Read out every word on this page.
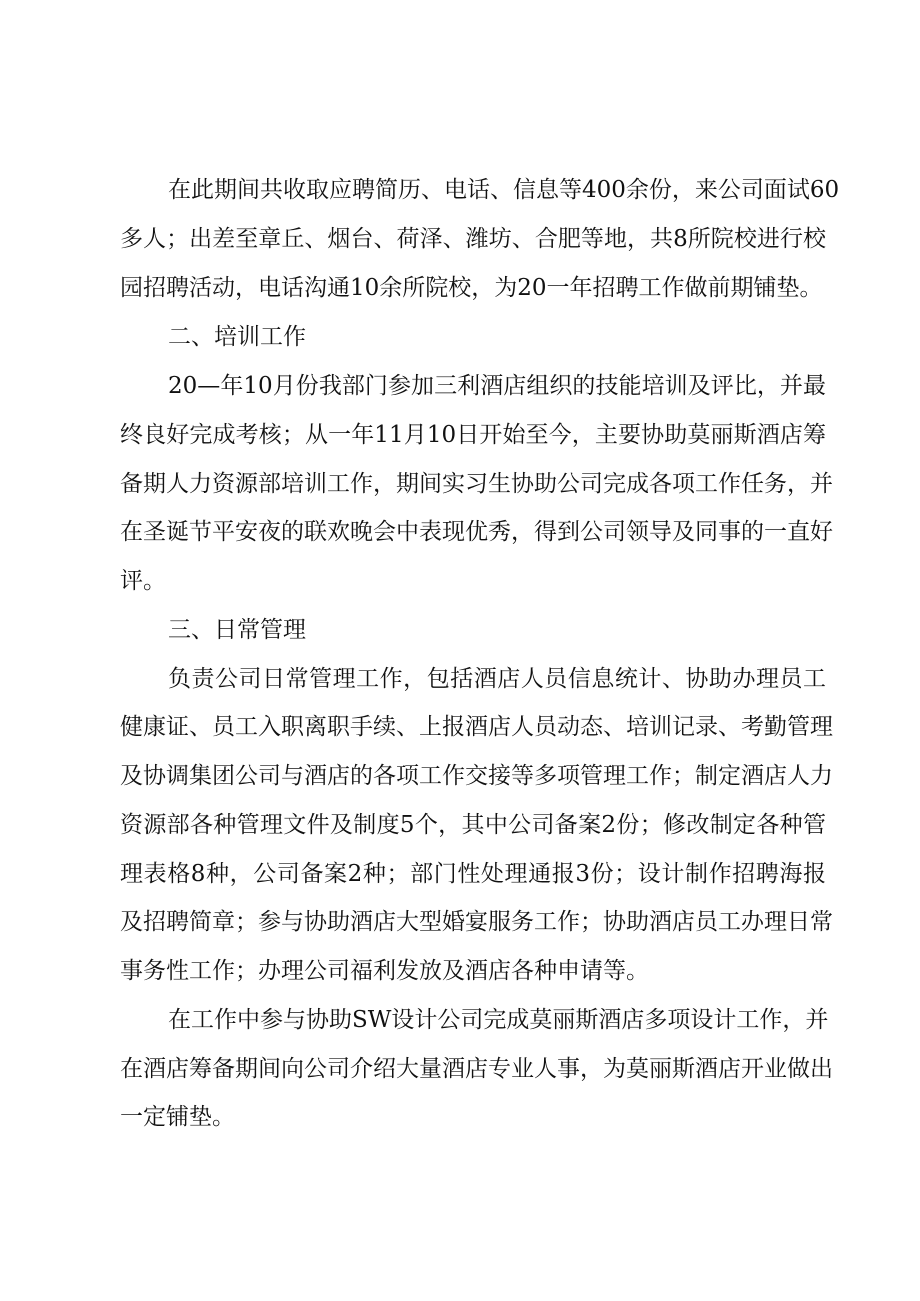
在此期间共收取应聘简历、电话、信息等400余份，来公司面试60
多人；出差至章丘、烟台、荷泽、潍坊、合肥等地，共8所院校进行校
园招聘活动，电话沟通10余所院校，为20一年招聘工作做前期铺垫。
二、培训工作
20—年10月份我部门参加三利酒店组织的技能培训及评比，并最
终良好完成考核；从一年11月10日开始至今，主要协助莫丽斯酒店筹
备期人力资源部培训工作，期间实习生协助公司完成各项工作任务，并
在圣诞节平安夜的联欢晚会中表现优秀，得到公司领导及同事的一直好
评。
三、日常管理
负责公司日常管理工作，包括酒店人员信息统计、协助办理员工
健康证、员工入职离职手续、上报酒店人员动态、培训记录、考勤管理
及协调集团公司与酒店的各项工作交接等多项管理工作；制定酒店人力
资源部各种管理文件及制度5个，其中公司备案2份；修改制定各种管
理表格8种，公司备案2种；部门性处理通报3份；设计制作招聘海报
及招聘简章；参与协助酒店大型婚宴服务工作；协助酒店员工办理日常
事务性工作；办理公司福利发放及酒店各种申请等。
在工作中参与协助SW设计公司完成莫丽斯酒店多项设计工作，并
在酒店筹备期间向公司介绍大量酒店专业人事，为莫丽斯酒店开业做出
一定铺垫。
